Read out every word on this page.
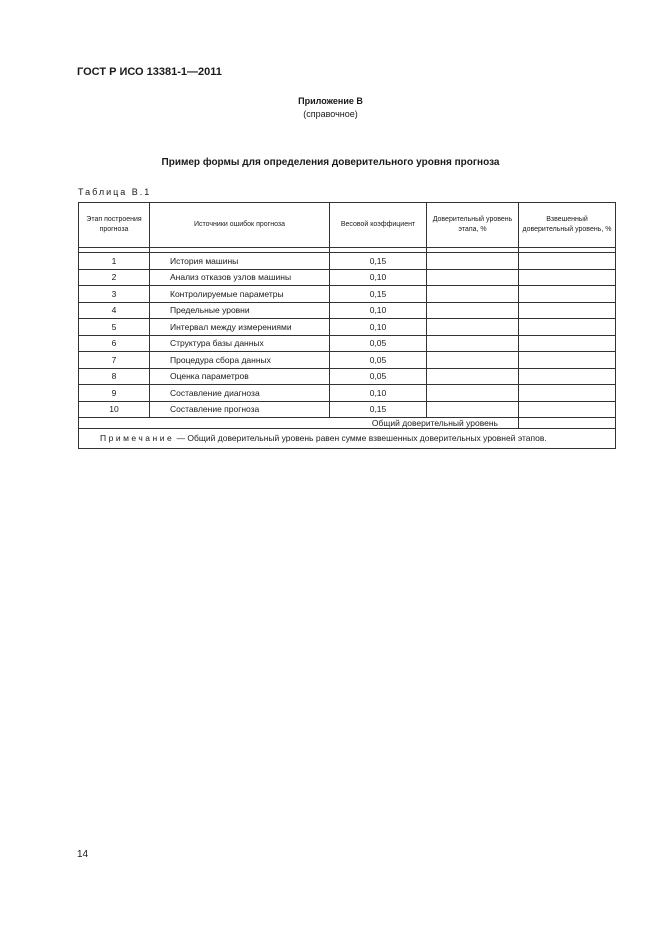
ГОСТ Р ИСО 13381-1—2011
Приложение В
(справочное)
Пример формы для определения доверительного уровня прогноза
Таблица В.1
Этап построения прогноза	Источники ошибок прогноза	Весовой коэффициент	Доверительный уровень этапа, %	Взвешенный доверительный уровень, %

1	История машины	0,15		
2	Анализ отказов узлов машины	0,10		
3	Контролируемые параметры	0,15		
4	Предельные уровни	0,10		
5	Интервал между измерениями	0,10		
6	Структура базы данных	0,05		
7	Процедура сбора данных	0,05		
8	Оценка параметров	0,05		
9	Составление диагноза	0,10		
10	Составление прогноза	0,15		
Общий доверительный уровень				
Примечание — Общий доверительный уровень равен сумме взвешенных доверительных уровней этапов.				
14
